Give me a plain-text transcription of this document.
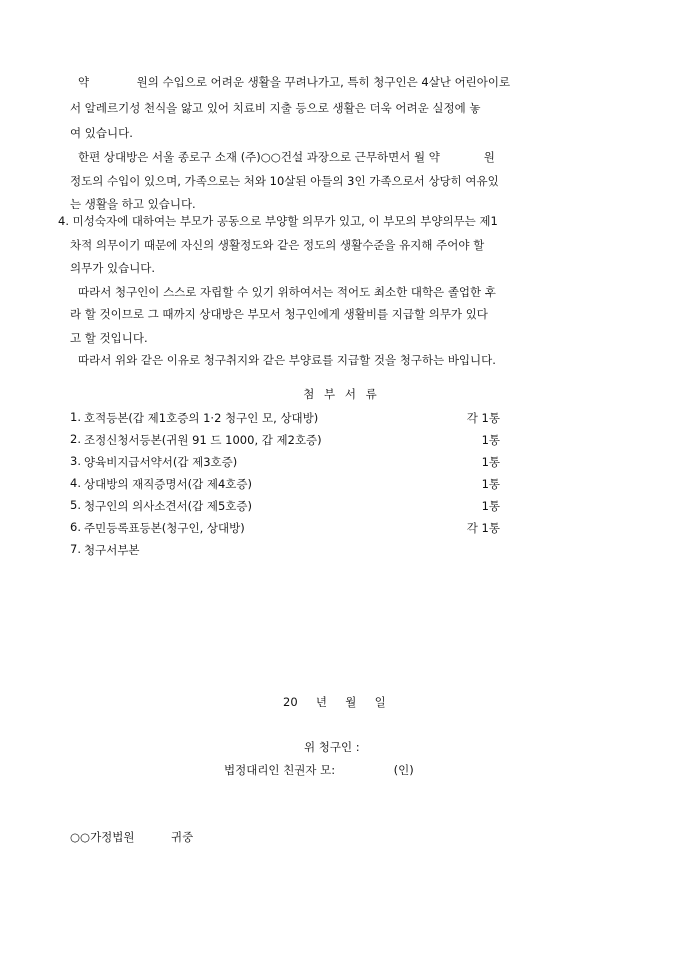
약             원의 수입으로 어려운 생활을 꾸려나가고, 특히 청구인은 4살난 어린아이로
서 알레르기성 천식을 앓고 있어 치료비 지출 등으로 생활은 더욱 어려운 실정에 놓
여 있습니다.
한편 상대방은 서울 종로구 소재 (주)○○건설 과장으로 근무하면서 월 약            원
정도의 수입이 있으며, 가족으로는 처와 10살된 아들의 3인 가족으로서 상당히 여유있
는 생활을 하고 있습니다.
4. 미성숙자에 대하여는 부모가 공동으로 부양할 의무가 있고, 이 부모의 부양의무는 제1
차적 의무이기 때문에 자신의 생활정도와 같은 정도의 생활수준을 유지해 주어야 할
의무가 있습니다.
따라서 청구인이 스스로 자립할 수 있기 위하여서는 적어도 최소한 대학은 졸업한 후
라 할 것이므로 그 때까지 상대방은 부모서 청구인에게 생활비를 지급할 의무가 있다
고 할 것입니다.
따라서 위와 같은 이유로 청구취지와 같은 부양료를 지급할 것을 청구하는 바입니다.
첨 부 서 류
1. 호적등본(갑 제1호증의 1·2 청구인 모, 상대방)	각 1통
2. 조정신청서등본(귀원 91 드 1000, 갑 제2호증)	1통
3. 양육비지급서약서(갑 제3호증)	1통
4. 상대방의 재직증명서(갑 제4호증)	1통
5. 청구인의 의사소견서(갑 제5호증)	1통
6. 주민등록표등본(청구인, 상대방)	각 1통
7. 청구서부본
20     년     월     일
위 청구인 :
법정대리인 친권자 모:                (인)
○○가정법원          귀중
